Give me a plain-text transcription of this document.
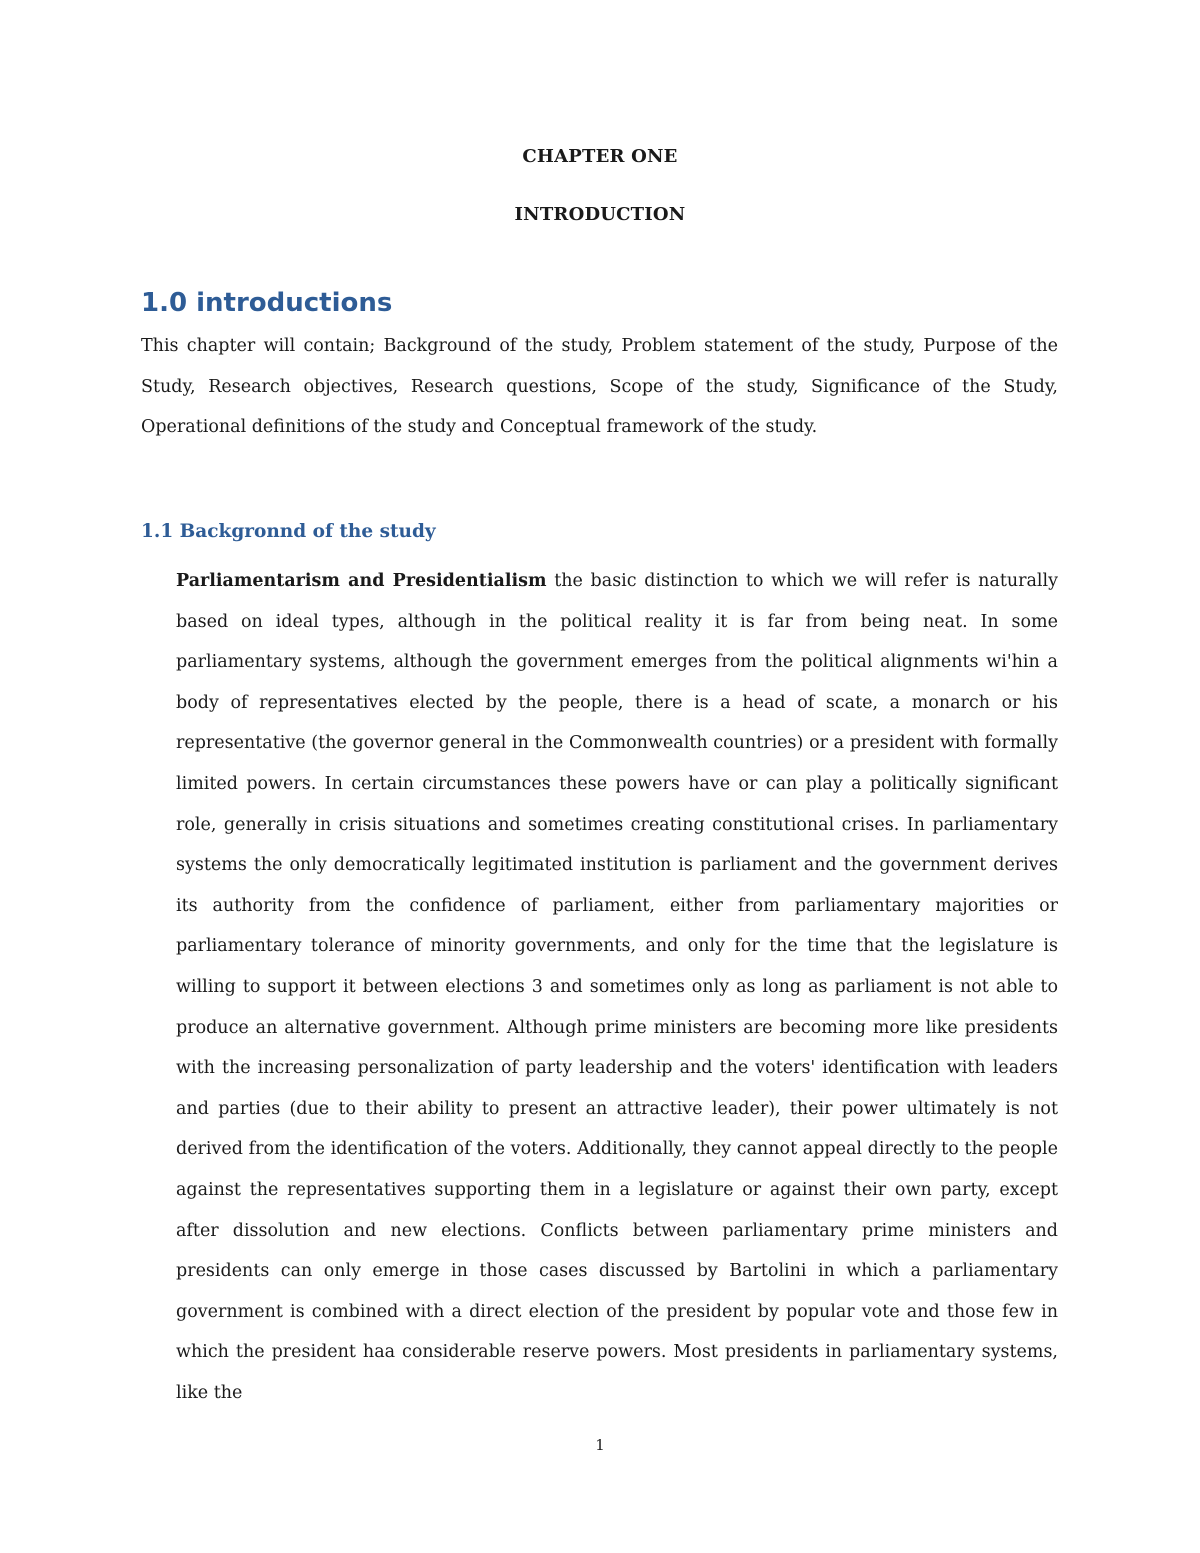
CHAPTER ONE
INTRODUCTION
1.0 introductions
This chapter will contain; Background of the study, Problem statement of the study, Purpose of the Study, Research objectives, Research questions, Scope of the study, Significance of the Study, Operational definitions of the study and Conceptual framework of the study.
1.1 Backgronnd of the study
Parliamentarism and Presidentialism the basic distinction to which we will refer is naturally based on ideal types, although in the political reality it is far from being neat. In some parliamentary systems, although the government emerges from the political alignments wi'hin a body of representatives elected by the people, there is a head of scate, a monarch or his representative (the governor general in the Commonwealth countries) or a president with formally limited powers. In certain circumstances these powers have or can play a politically significant role, generally in crisis situations and sometimes creating constitutional crises. In parliamentary systems the only democratically legitimated institution is parliament and the government derives its authority from the confidence of parliament, either from parliamentary majorities or parliamentary tolerance of minority governments, and only for the time that the legislature is willing to support it between elections 3 and sometimes only as long as parliament is not able to produce an alternative government. Although prime ministers are becoming more like presidents with the increasing personalization of party leadership and the voters' identification with leaders and parties (due to their ability to present an attractive leader), their power ultimately is not derived from the identification of the voters. Additionally, they cannot appeal directly to the people against the representatives supporting them in a legislature or against their own party, except after dissolution and new elections. Conflicts between parliamentary prime ministers and presidents can only emerge in those cases discussed by Bartolini in which a parliamentary government is combined with a direct election of the president by popular vote and those few in which the president haa considerable reserve powers. Most presidents in parliamentary systems, like the
1
